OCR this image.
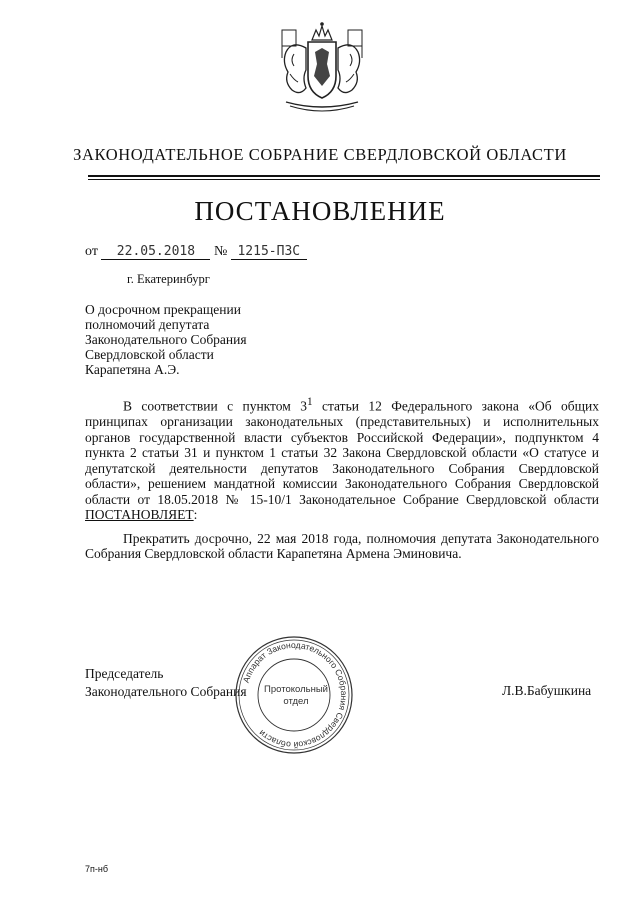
ЗАКОНОДАТЕЛЬНОЕ СОБРАНИЕ СВЕРДЛОВСКОЙ ОБЛАСТИ
ПОСТАНОВЛЕНИЕ
от 22.05.2018 № 1215-ПЗС
г. Екатеринбург
О досрочном прекращении
полномочий депутата
Законодательного Собрания
Свердловской области
Карапетяна А.Э.

В соответствии с пунктом $3^1$ статьи 12 Федерального закона «Об общих принципах организации законодательных (представительных) и исполнительных органов государственной власти субъектов Российской Федерации», подпунктом 4 пункта 2 статьи 31 и пунктом 1 статьи 32 Закона Свердловской области «О статусе и депутатской деятельности депутатов Законодательного Собрания Свердловской области», решением мандатной комиссии Законодательного Собрания Свердловской области от 18.05.2018 № 15-10/1 Законодательное Собрание Свердловской области ПОСТАНОВЛЯЕТ:

Прекратить досрочно, 22 мая 2018 года, полномочия депутата Законодательного Собрания Свердловской области Карапетяна Армена Эминовича.

Председатель
Законодательного Собрания
Аппарат Законодательного Собрания Свердловской области
Протокольный
отдел
Л.В.Бабушкина
7п-нб
